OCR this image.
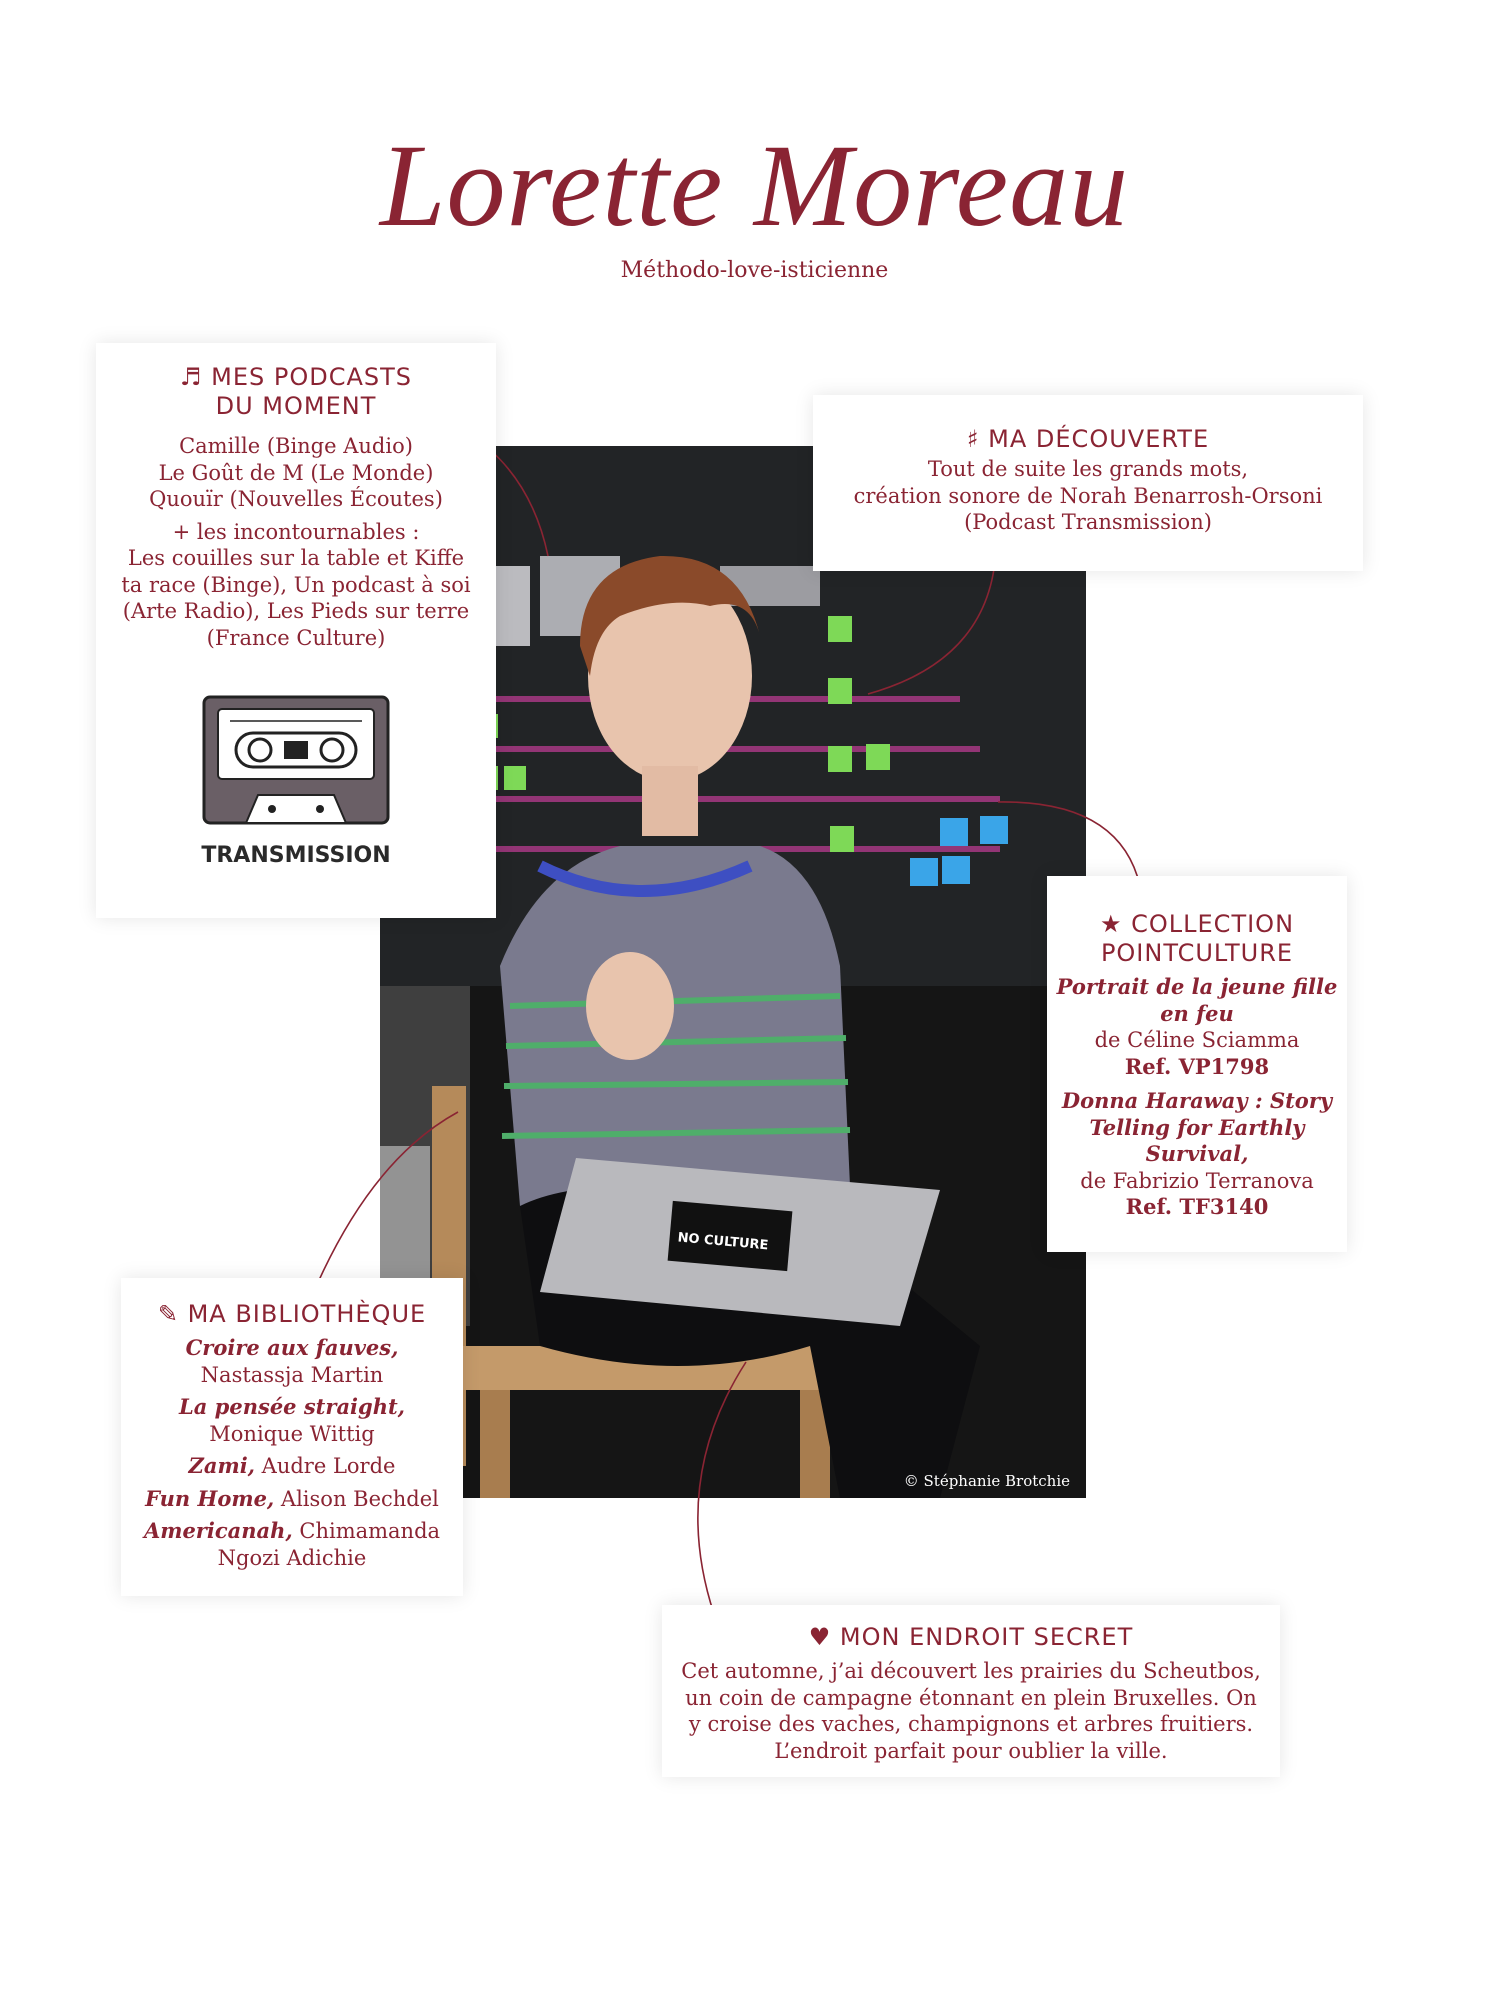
Lorette Moreau
Méthodo-love-isticienne
NO CULTURE
© Stéphanie Brotchie
♬ MES PODCASTS
DU MOMENT

Camille (Binge Audio)

Le Goût de M (Le Monde)

Quouïr (Nouvelles Écoutes)

+ les incontournables :

Les couilles sur la table et Kiffe

ta race (Binge), Un podcast à soi

(Arte Radio), Les Pieds sur terre

(France Culture)

TRANSMISSION
♯ MA DÉCOUVERTE

Tout de suite les grands mots,

création sonore de Norah Benarrosh-Orsoni

(Podcast Transmission)

★ COLLECTION
POINTCULTURE

Portrait de la jeune fille

en feu

de Céline Sciamma

Ref. VP1798

Donna Haraway : Story

Telling for Earthly

Survival,

de Fabrizio Terranova

Ref. TF3140

✎ MA BIBLIOTHÈQUE

Croire aux fauves,

Nastassja Martin

La pensée straight,

Monique Wittig

Zami, Audre Lorde

Fun Home, Alison Bechdel

Americanah, Chimamanda

Ngozi Adichie

♥ MON ENDROIT SECRET

Cet automne, j’ai découvert les prairies du Scheutbos,

un coin de campagne étonnant en plein Bruxelles. On

y croise des vaches, champignons et arbres fruitiers.

L’endroit parfait pour oublier la ville.
